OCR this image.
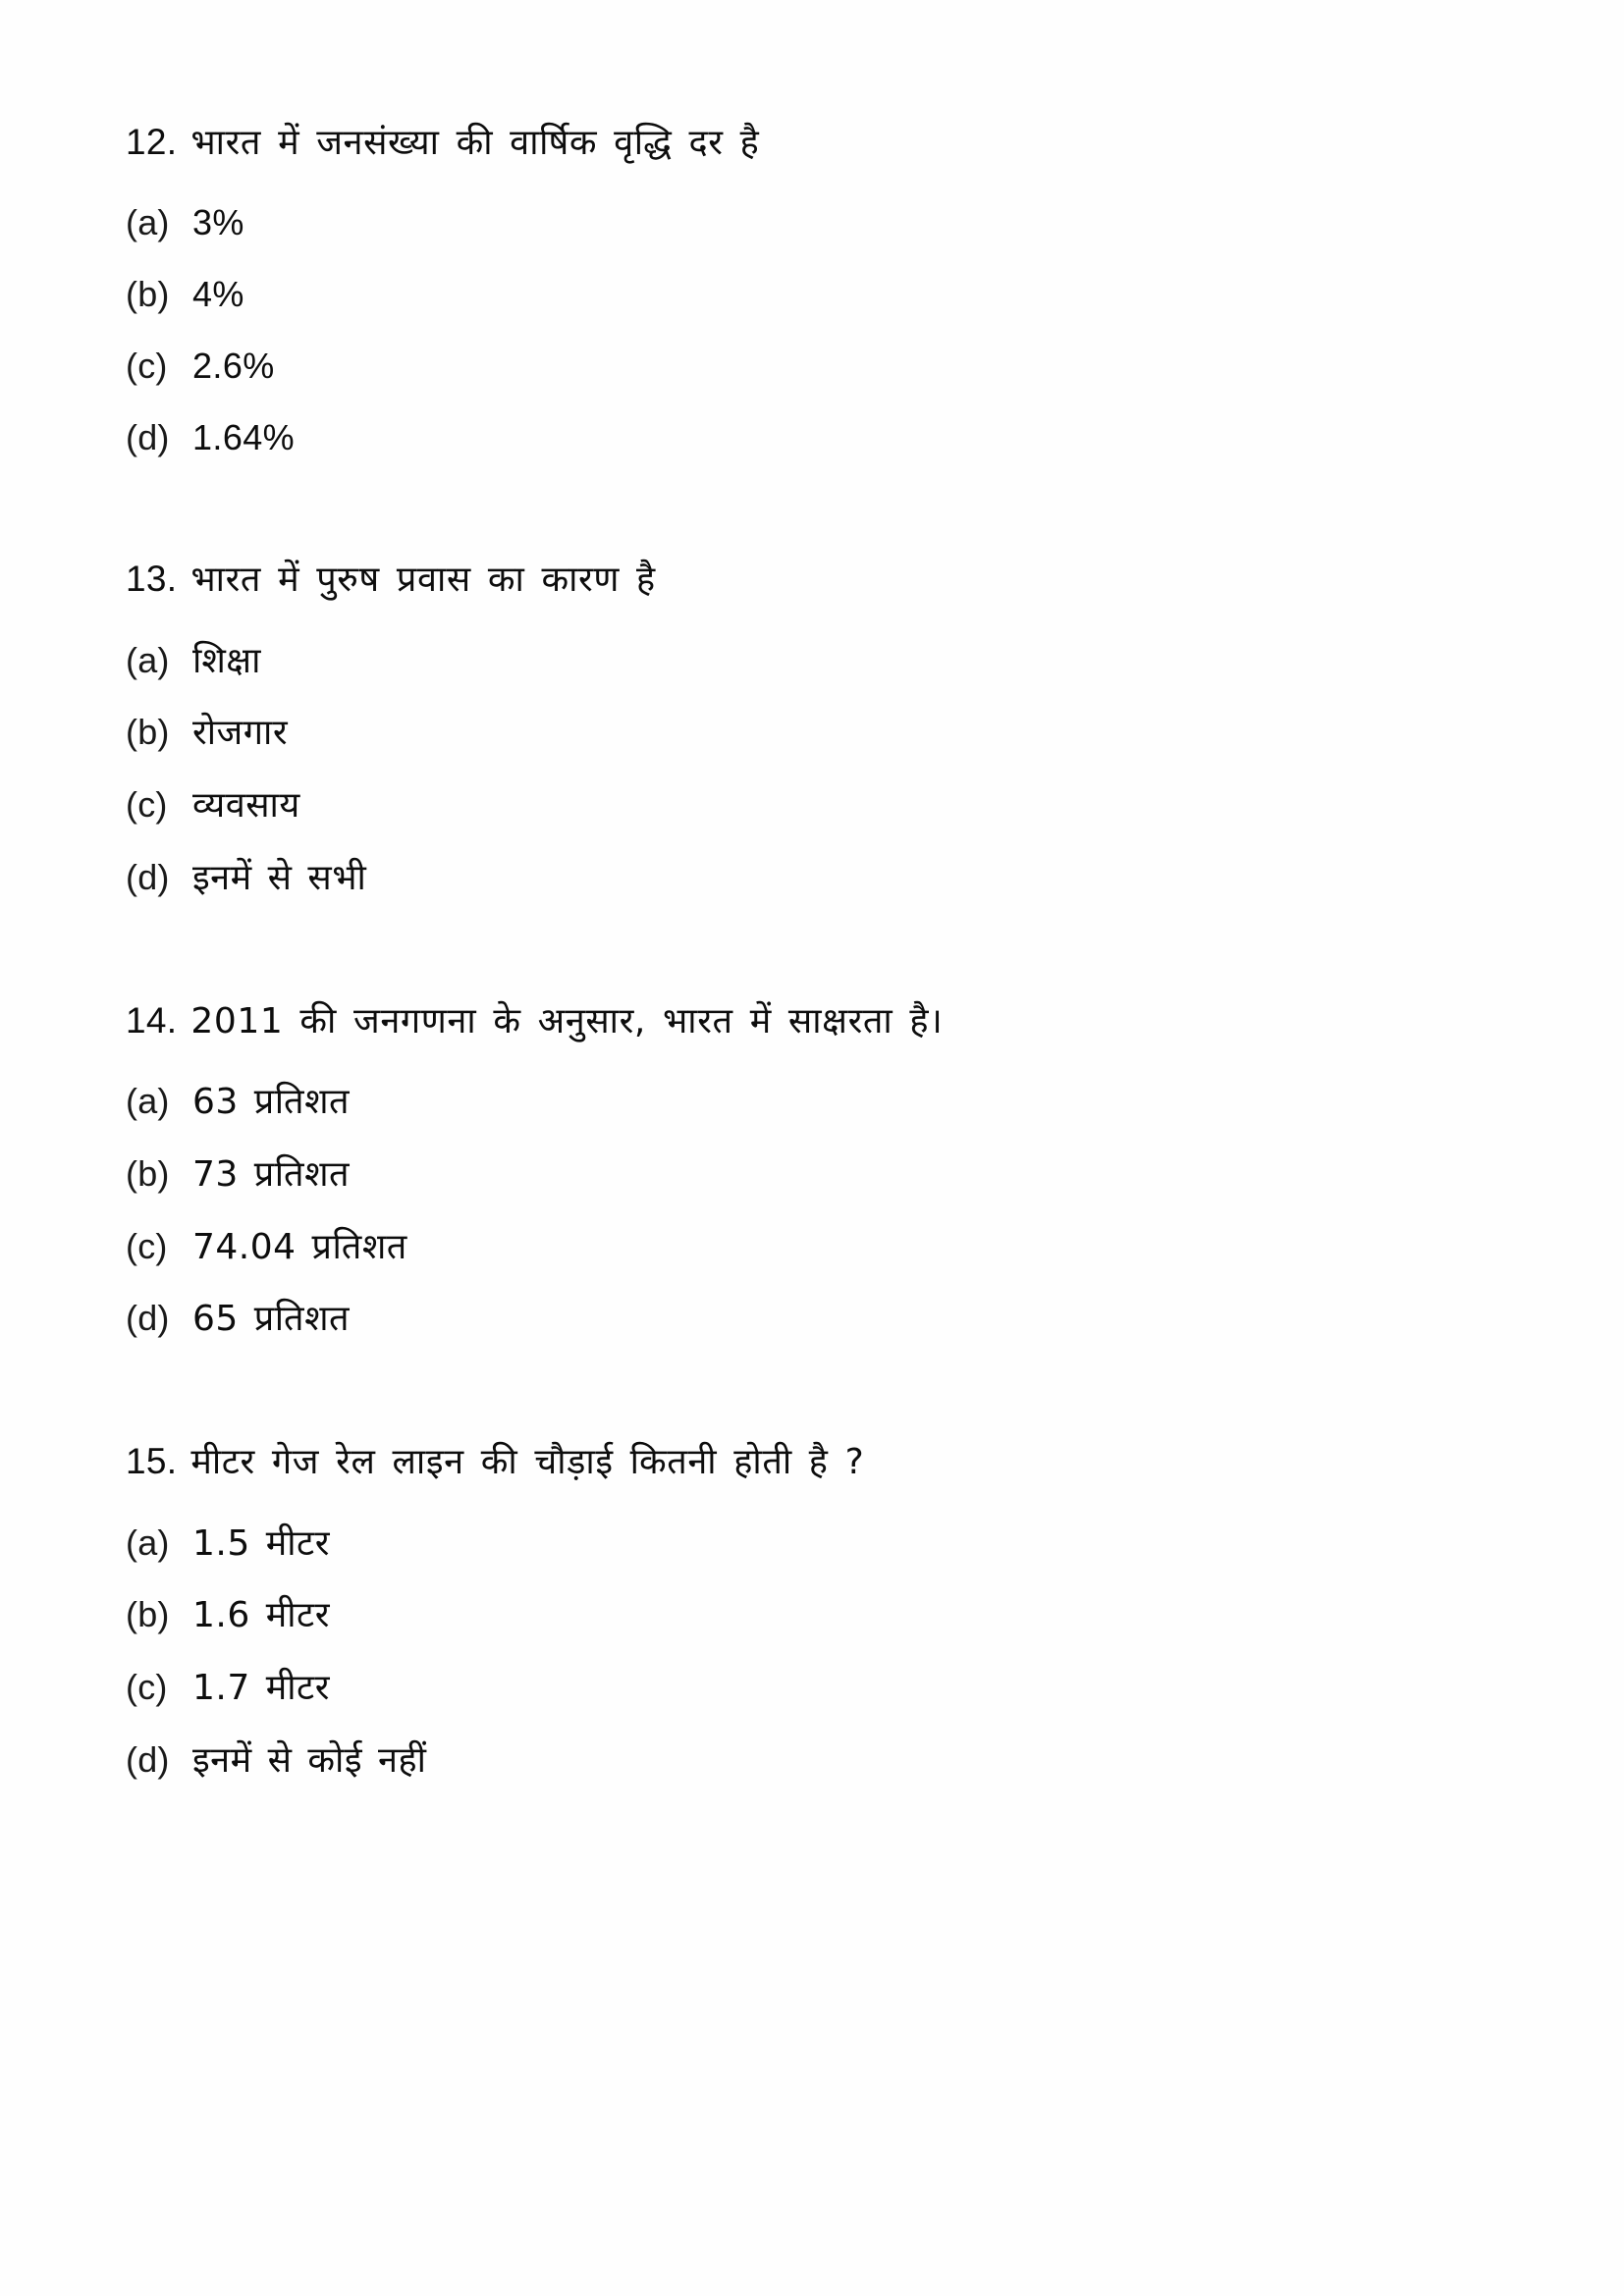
12. भारत में जनसंख्या की वार्षिक वृद्धि दर है
(a) 3%
(b) 4%
(c) 2.6%
(d) 1.64%
13. भारत में पुरुष प्रवास का कारण है
(a) शिक्षा
(b) रोजगार
(c) व्यवसाय
(d) इनमें से सभी
14. 2011 की जनगणना के अनुसार, भारत में साक्षरता है।
(a) 63 प्रतिशत
(b) 73 प्रतिशत
(c) 74.04 प्रतिशत
(d) 65 प्रतिशत
15. मीटर गेज रेल लाइन की चौड़ाई कितनी होती है ?
(a) 1.5 मीटर
(b) 1.6 मीटर
(c) 1.7 मीटर
(d) इनमें से कोई नहीं
